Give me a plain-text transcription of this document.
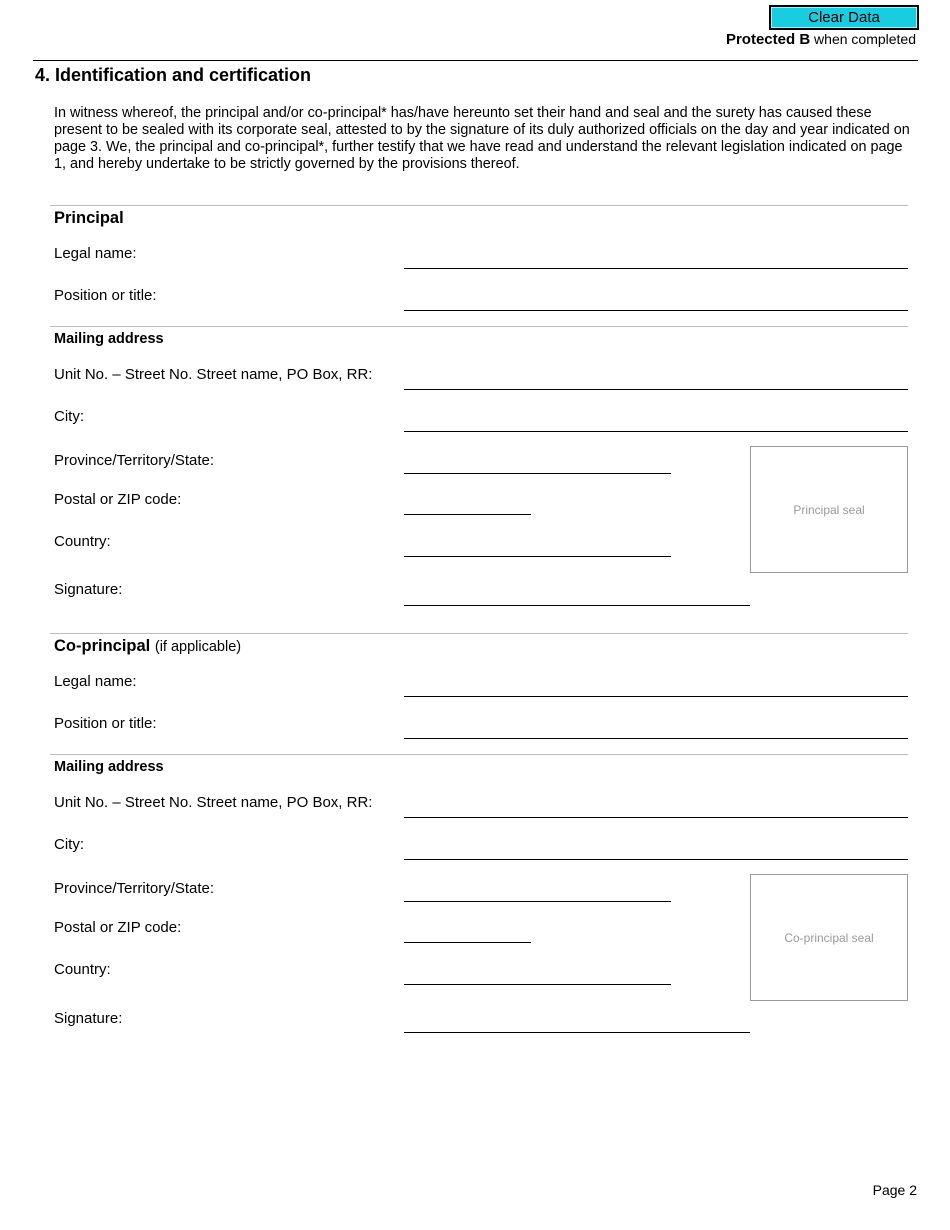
Clear Data
Protected B when completed
4. Identification and certification
In witness whereof, the principal and/or co-principal* has/have hereunto set their hand and seal and the surety has caused these present to be sealed with its corporate seal, attested to by the signature of its duly authorized officials on the day and year indicated on page 3. We, the principal and co-principal*, further testify that we have read and understand the relevant legislation indicated on page 1, and hereby undertake to be strictly governed by the provisions thereof.
Principal
Legal name:
Position or title:
Mailing address
Unit No. – Street No. Street name, PO Box, RR:
City:
Province/Territory/State:
Postal or ZIP code:
Country:
Principal seal
Signature:
Co-principal (if applicable)
Legal name:
Position or title:
Mailing address
Unit No. – Street No. Street name, PO Box, RR:
City:
Province/Territory/State:
Postal or ZIP code:
Country:
Co-principal seal
Signature:
Page 2
